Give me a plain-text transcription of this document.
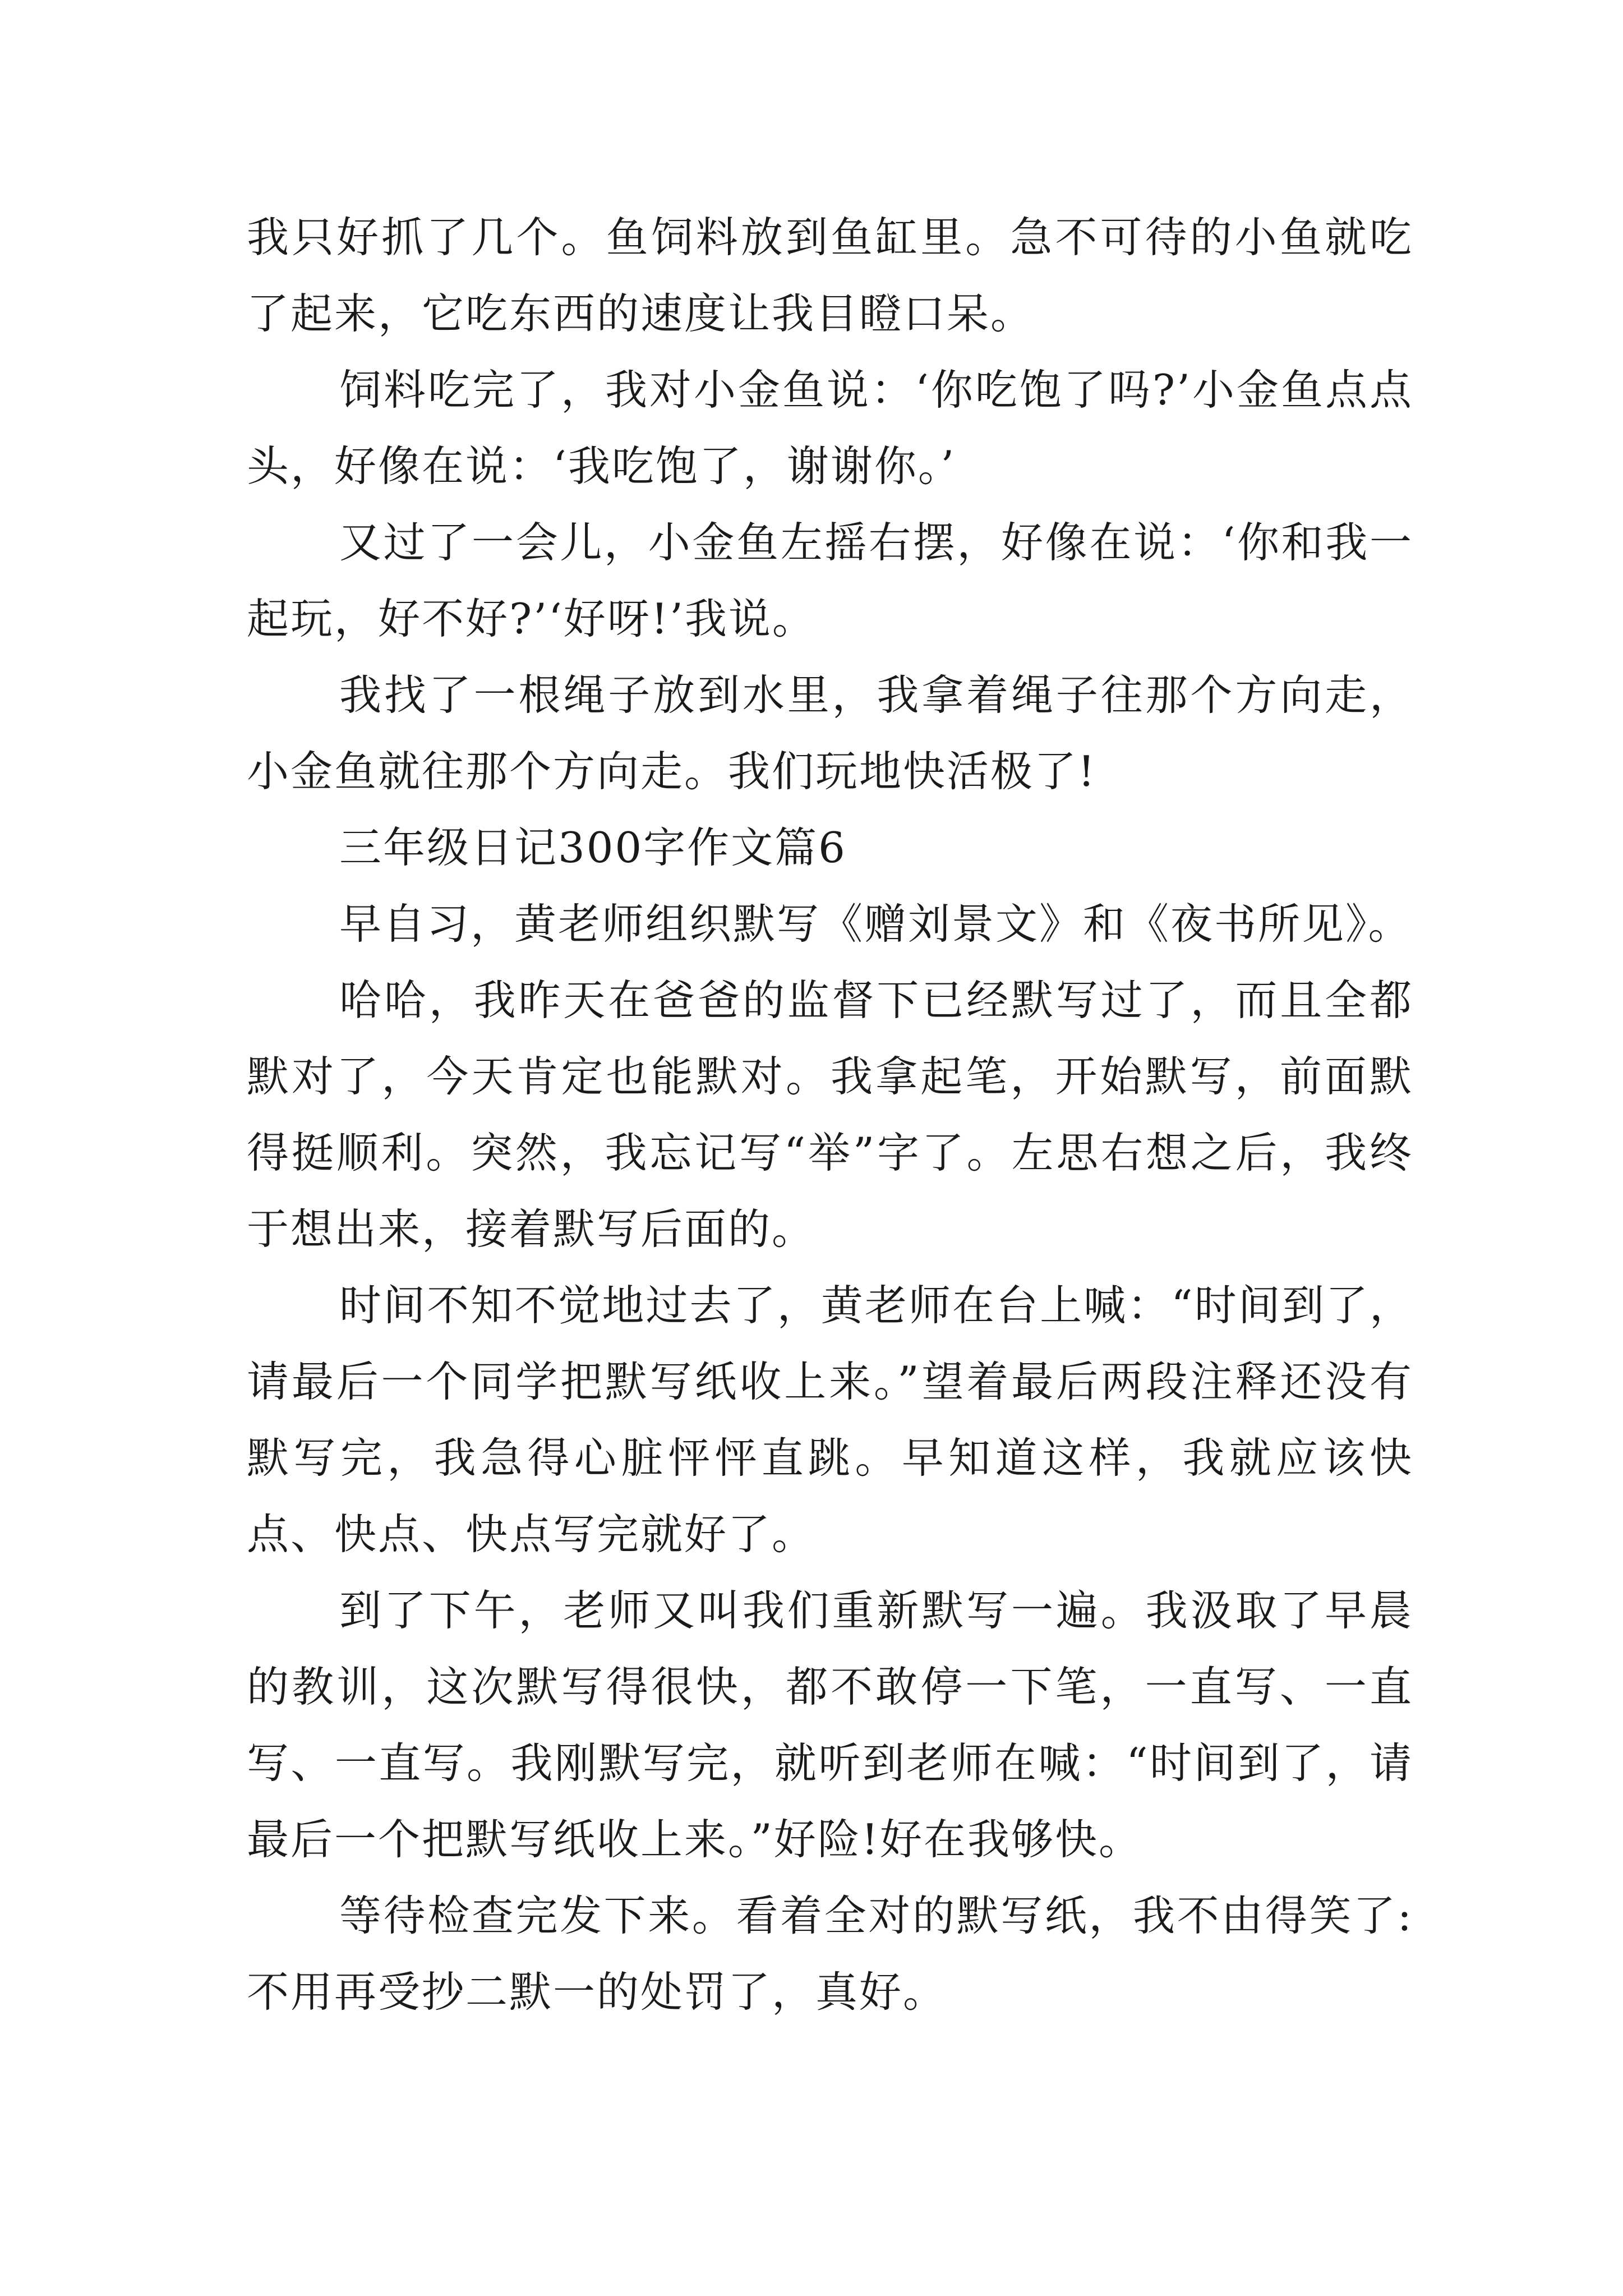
我只好抓了几个。鱼饲料放到鱼缸里。急不可待的小鱼就吃了起来，它吃东西的速度让我目瞪口呆。

饲料吃完了，我对小金鱼说：‘你吃饱了吗?’小金鱼点点头，好像在说：‘我吃饱了，谢谢你。’

又过了一会儿，小金鱼左摇右摆，好像在说：‘你和我一起玩，好不好?’‘好呀!’我说。

我找了一根绳子放到水里，我拿着绳子往那个方向走，小金鱼就往那个方向走。我们玩地快活极了!

三年级日记300字作文篇6

早自习，黄老师组织默写《赠刘景文》和《夜书所见》。

哈哈，我昨天在爸爸的监督下已经默写过了，而且全都默对了，今天肯定也能默对。我拿起笔，开始默写，前面默得挺顺利。突然，我忘记写“举”字了。左思右想之后，我终于想出来，接着默写后面的。

时间不知不觉地过去了，黄老师在台上喊：“时间到了，请最后一个同学把默写纸收上来。”望着最后两段注释还没有默写完，我急得心脏怦怦直跳。早知道这样，我就应该快点、快点、快点写完就好了。

到了下午，老师又叫我们重新默写一遍。我汲取了早晨的教训，这次默写得很快，都不敢停一下笔，一直写、一直写、一直写。我刚默写完，就听到老师在喊：“时间到了，请最后一个把默写纸收上来。”好险!好在我够快。

等待检查完发下来。看着全对的默写纸，我不由得笑了:不用再受抄二默一的处罚了，真好。
